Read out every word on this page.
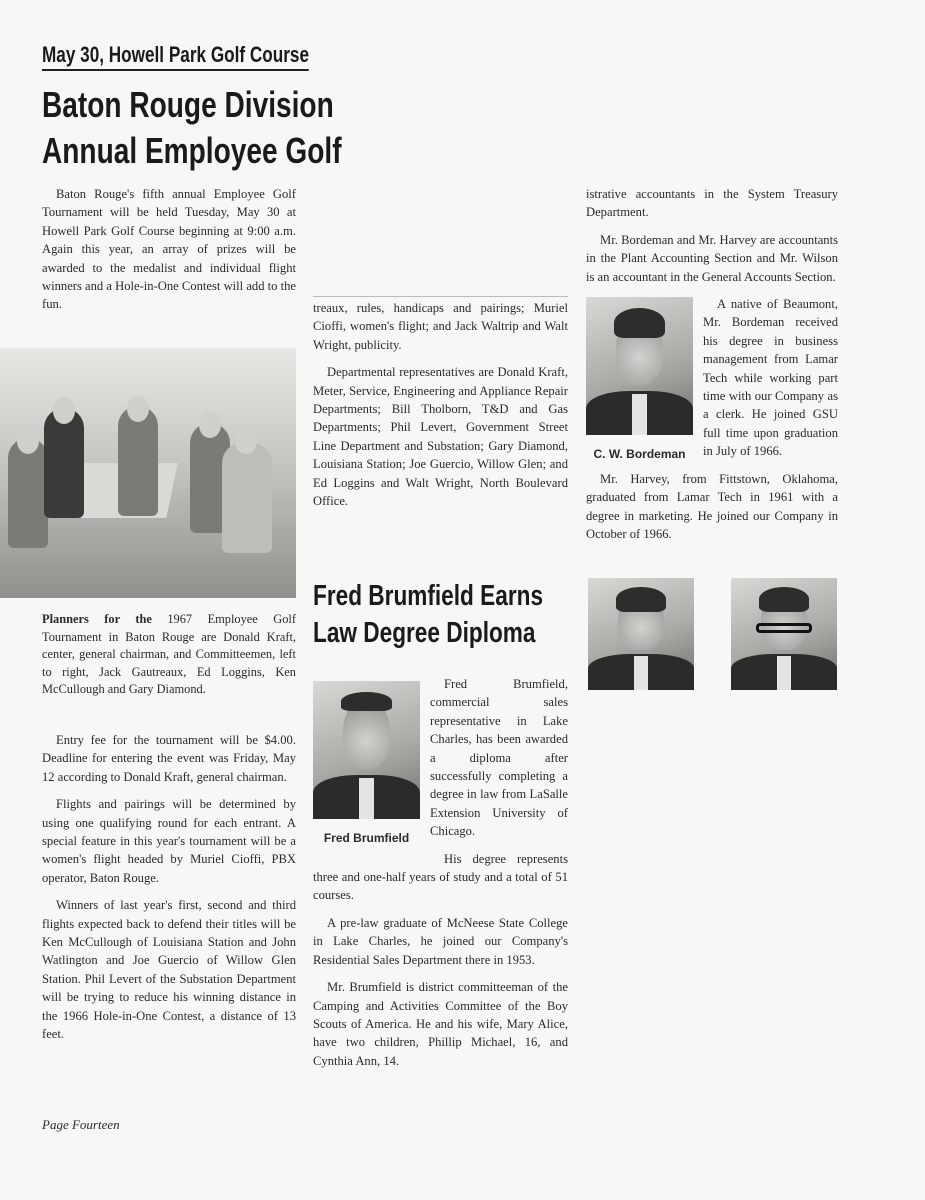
May 30, Howell Park Golf Course
Baton Rouge Division
Annual Employee Golf

Baton Rouge's fifth annual Employee Golf Tournament will be held Tuesday, May 30 at Howell Park Golf Course beginning at 9:00 a.m. Again this year, an array of prizes will be awarded to the medalist and individual flight winners and a Hole-in-One Contest will add to the fun.

Planners for the 1967 Employee Golf Tournament in Baton Rouge are Donald Kraft, center, general chairman, and Committeemen, left to right, Jack Gautreaux, Ed Loggins, Ken McCullough and Gary Diamond.

Entry fee for the tournament will be $4.00. Deadline for entering the event was Friday, May 12 according to Donald Kraft, general chairman.

Flights and pairings will be determined by using one qualifying round for each entrant. A special feature in this year's tournament will be a women's flight headed by Muriel Cioffi, PBX operator, Baton Rouge.

Winners of last year's first, second and third flights expected back to defend their titles will be Ken McCullough of Louisiana Station and John Watlington and Joe Guercio of Willow Glen Station. Phil Levert of the Substation Department will be trying to reduce his winning distance in the 1966 Hole-in-One Contest, a distance of 13 feet.

Page Fourteen

treaux, rules, handicaps and pairings; Muriel Cioffi, women's flight; and Jack Waltrip and Walt Wright, publicity.

Departmental representatives are Donald Kraft, Meter, Service, Engineering and Appliance Repair Departments; Bill Tholborn, T&D and Gas Departments; Phil Levert, Government Street Line Department and Substation; Gary Diamond, Louisiana Station; Joe Guercio, Willow Glen; and Ed Loggins and Walt Wright, North Boulevard Office.

Fred Brumfield Earns
Law Degree Diploma

Fred Brumfield

Fred Brumfield, commercial sales representative in Lake Charles, has been awarded a diploma after successfully completing a degree in law from LaSalle Extension University of Chicago.

His degree represents three and one-half years of study and a total of 51 courses.

A pre-law graduate of McNeese State College in Lake Charles, he joined our Company's Residential Sales Department there in 1953.

Mr. Brumfield is district committeeman of the Camping and Activities Committee of the Boy Scouts of America. He and his wife, Mary Alice, have two children, Phillip Michael, 16, and Cynthia Ann, 14.

istrative accountants in the System Treasury Department.

Mr. Bordeman and Mr. Harvey are accountants in the Plant Accounting Section and Mr. Wilson is an accountant in the General Accounts Section.

C. W. Bordeman

A native of Beaumont, Mr. Bordeman received his degree in business management from Lamar Tech while working part time with our Company as a clerk. He joined GSU full time upon graduation in July of 1966.

Mr. Harvey, from Fittstown, Oklahoma, graduated from Lamar Tech in 1961 with a degree in marketing. He joined our Company in October of 1966.
